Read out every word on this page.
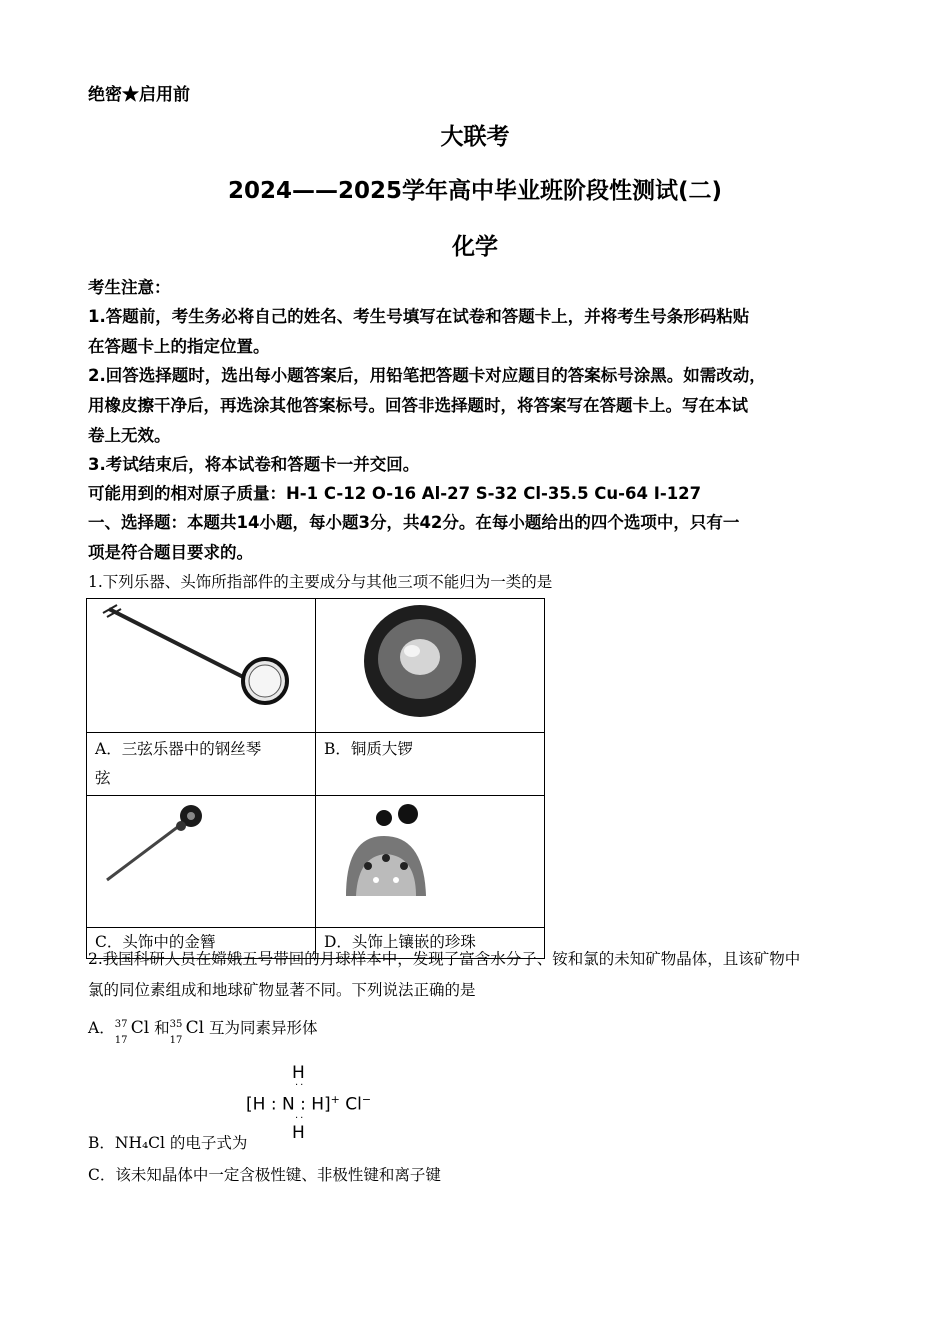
绝密★启用前
大联考
2024——2025学年高中毕业班阶段性测试(二)
化学
考生注意：
1.答题前，考生务必将自己的姓名、考生号填写在试卷和答题卡上，并将考生号条形码粘贴
在答题卡上的指定位置。
2.回答选择题时，选出每小题答案后，用铅笔把答题卡对应题目的答案标号涂黑。如需改动，
用橡皮擦干净后，再选涂其他答案标号。回答非选择题时，将答案写在答题卡上。写在本试
卷上无效。
3.考试结束后，将本试卷和答题卡一并交回。
可能用到的相对原子质量：H-1 C-12 O-16 Al-27 S-32 Cl-35.5 Cu-64 I-127
一、选择题：本题共14小题，每小题3分，共42分。在每小题给出的四个选项中，只有一
项是符合题目要求的。
1.下列乐器、头饰所指部件的主要成分与其他三项不能归为一类的是

A．三弦乐器中的钢丝琴
弦	B．铜质大锣

C．头饰中的金簪	D．头饰上镶嵌的珍珠
2.我国科研人员在嫦娥五号带回的月球样本中，发现了富含水分子、铵和氯的未知矿物晶体，且该矿物中
氯的同位素组成和地球矿物显著不同。下列说法正确的是
A． 37
17
Cl 和 35
17
Cl 互为同素异形体
H
··
[H : N : H]+ Cl−
··
H
B．NH₄Cl 的电子式为
C．该未知晶体中一定含极性键、非极性键和离子键
